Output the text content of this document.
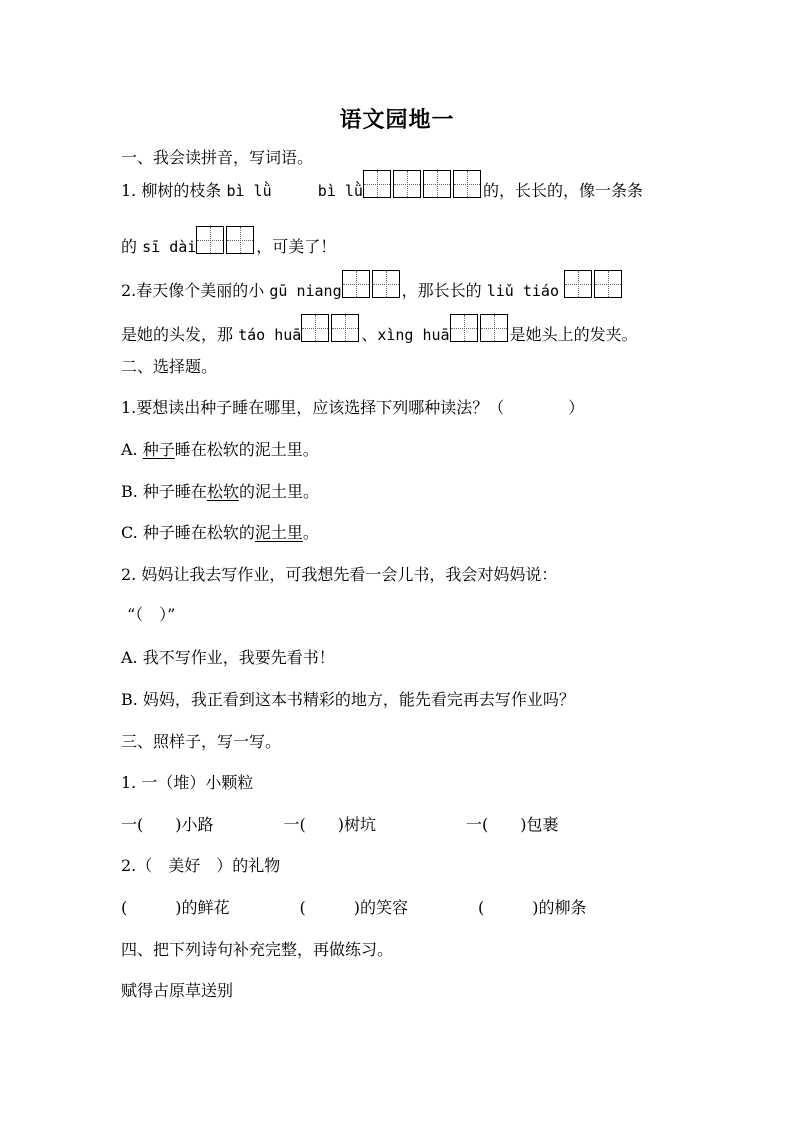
语文园地一
一、我会读拼音，写词语。
1. 柳树的枝条 bì lǜ	bì lǜ	的，长长的，像一条条
的 sī dài	，可美了！
2.春天像个美丽的小 gū niang	，那长长的 liǔ tiáo
是她的头发，那 táo huā	、xìng huā	是她头上的发夹。
二、选择题。
1.要想读出种子睡在哪里，应该选择下列哪种读法？（　　　　）
A. 种子睡在松软的泥土里。
B. 种子睡在松软的泥土里。
C. 种子睡在松软的泥土里。
2. 妈妈让我去写作业，可我想先看一会儿书，我会对妈妈说：
“（　）”
A. 我不写作业，我要先看书！
B. 妈妈，我正看到这本书精彩的地方，能先看完再去写作业吗？
三、照样子，写一写。
1. 一（堆）小颗粒
一(　　)小路	一(　　)树坑	一(　　)包裹
2.（　美好　）的礼物
(　　　)的鲜花	(　　　)的笑容	(　　　)的柳条
四、把下列诗句补充完整，再做练习。
赋得古原草送别
